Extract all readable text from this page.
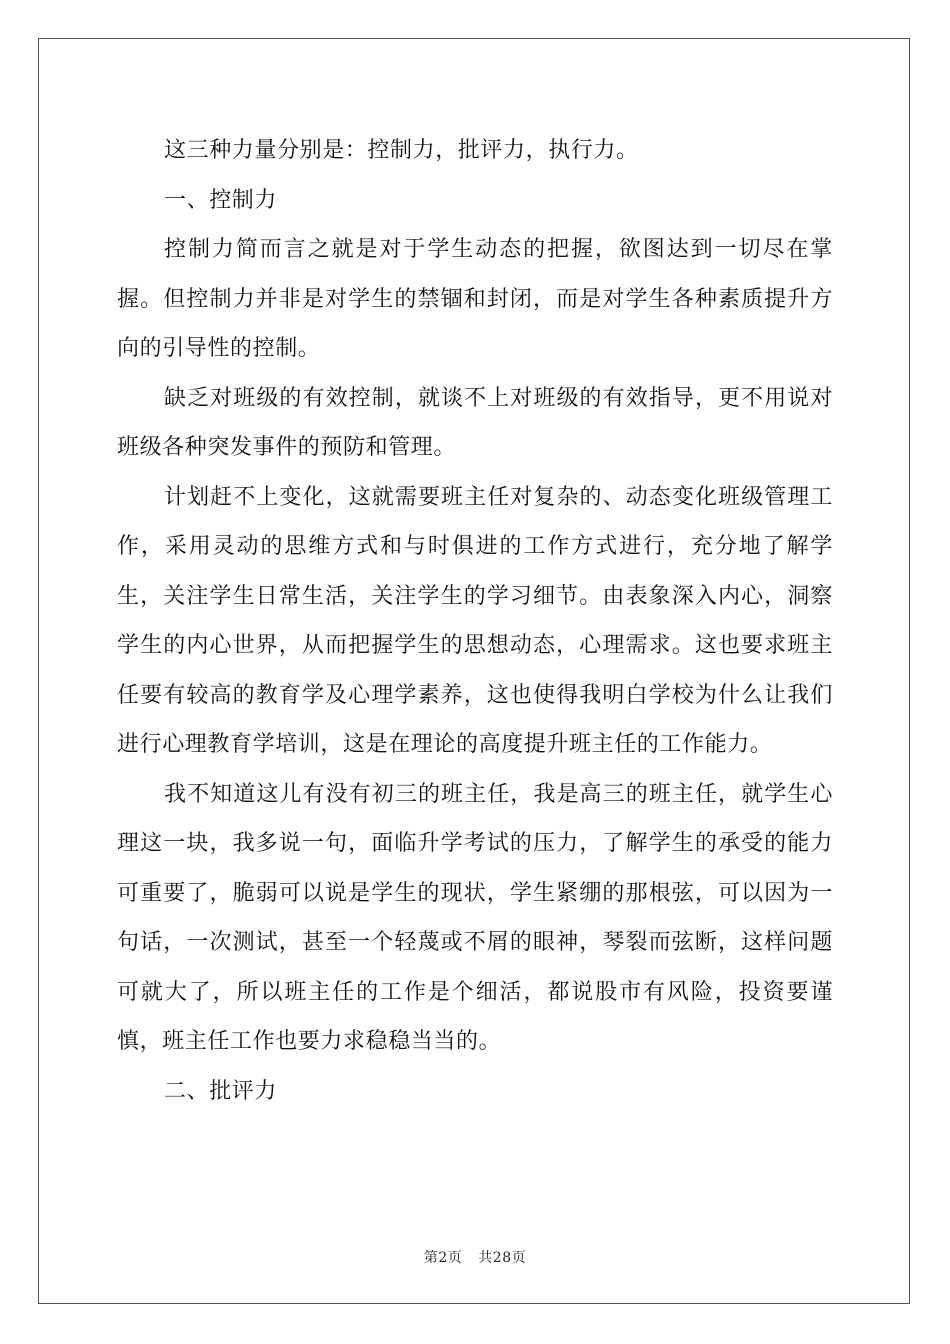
这三种力量分别是：控制力，批评力，执行力。

一、控制力

控制力简而言之就是对于学生动态的把握，欲图达到一切尽在掌握。但控制力并非是对学生的禁锢和封闭，而是对学生各种素质提升方向的引导性的控制。

缺乏对班级的有效控制，就谈不上对班级的有效指导，更不用说对班级各种突发事件的预防和管理。

计划赶不上变化，这就需要班主任对复杂的、动态变化班级管理工作，采用灵动的思维方式和与时俱进的工作方式进行，充分地了解学生，关注学生日常生活，关注学生的学习细节。由表象深入内心，洞察学生的内心世界，从而把握学生的思想动态，心理需求。这也要求班主任要有较高的教育学及心理学素养，这也使得我明白学校为什么让我们进行心理教育学培训，这是在理论的高度提升班主任的工作能力。

我不知道这儿有没有初三的班主任，我是高三的班主任，就学生心理这一块，我多说一句，面临升学考试的压力，了解学生的承受的能力可重要了，脆弱可以说是学生的现状，学生紧绷的那根弦，可以因为一句话，一次测试，甚至一个轻蔑或不屑的眼神，琴裂而弦断，这样问题可就大了，所以班主任的工作是个细活，都说股市有风险，投资要谨慎，班主任工作也要力求稳稳当当的。

二、批评力

第2页 共28页
